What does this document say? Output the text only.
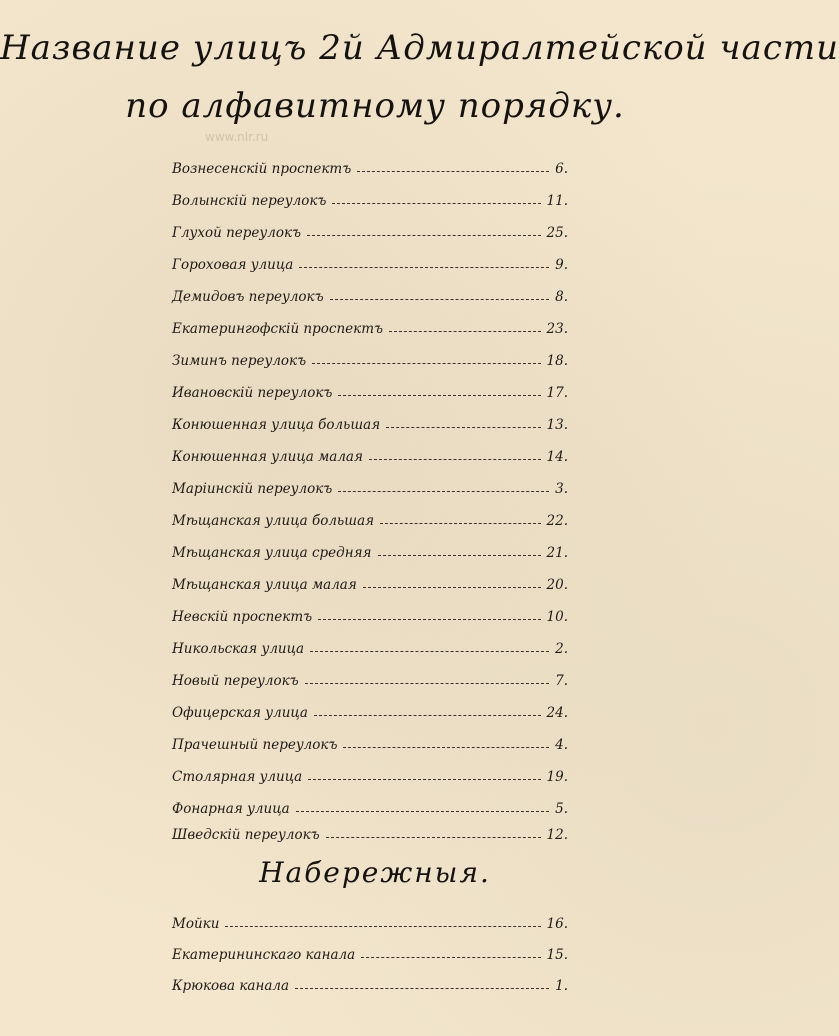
www.nlr.ru
Название улицъ 2й Адмиралтейской части
по алфавитному порядку.
Вознесенскiй проспектъ	6.
Волынскiй переулокъ	11.
Глухой переулокъ	25.
Гороховая улица	9.
Демидовъ переулокъ	8.
Екатерингофскiй проспектъ	23.
Зиминъ переулокъ	18.
Ивановскiй переулокъ	17.
Конюшенная улица большая	13.
Конюшенная улица малая	14.
Марiинскiй переулокъ	3.
Мѣщанская улица большая	22.
Мѣщанская улица средняя	21.
Мѣщанская улица малая	20.
Невскiй проспектъ	10.
Никольская улица	2.
Новый переулокъ	7.
Офицерская улица	24.
Прачешный переулокъ	4.
Столярная улица	19.
Фонарная улица	5.
Шведскiй переулокъ	12.
Набережныя.
Мойки	16.
Екатерининскаго канала	15.
Крюкова канала	1.
